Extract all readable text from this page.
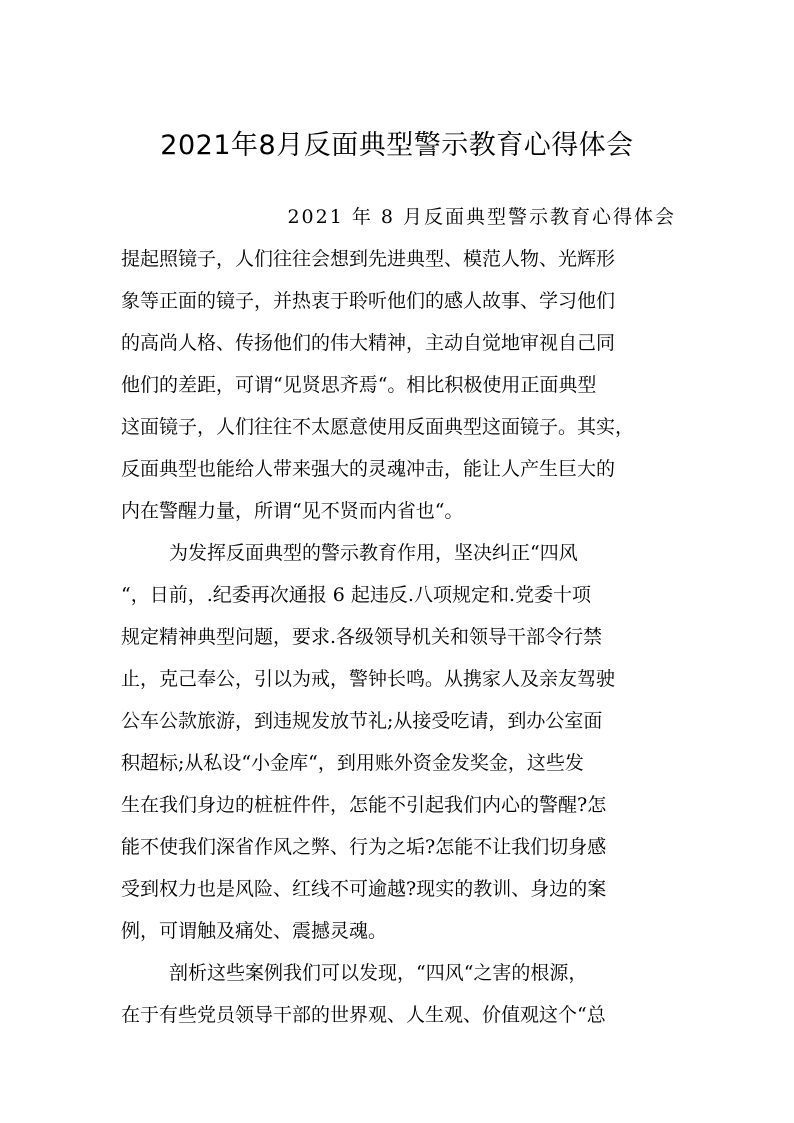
2021年8月反面典型警示教育心得体会
2021 年 8 月反面典型警示教育心得体会
提起照镜子，人们往往会想到先进典型、模范人物、光辉形
象等正面的镜子，并热衷于聆听他们的感人故事、学习他们
的高尚人格、传扬他们的伟大精神，主动自觉地审视自己同
他们的差距，可谓“见贤思齐焉“。相比积极使用正面典型
这面镜子，人们往往不太愿意使用反面典型这面镜子。其实，
反面典型也能给人带来强大的灵魂冲击，能让人产生巨大的
内在警醒力量，所谓“见不贤而内省也“。
为发挥反面典型的警示教育作用，坚决纠正“四风
“，日前，.纪委再次通报 6 起违反.八项规定和.党委十项
规定精神典型问题，要求.各级领导机关和领导干部令行禁
止，克己奉公，引以为戒，警钟长鸣。从携家人及亲友驾驶
公车公款旅游，到违规发放节礼;从接受吃请，到办公室面
积超标;从私设“小金库“，到用账外资金发奖金，这些发
生在我们身边的桩桩件件，怎能不引起我们内心的警醒?怎
能不使我们深省作风之弊、行为之垢?怎能不让我们切身感
受到权力也是风险、红线不可逾越?现实的教训、身边的案
例，可谓触及痛处、震撼灵魂。
剖析这些案例我们可以发现，“四风“之害的根源，
在于有些党员领导干部的世界观、人生观、价值观这个“总
